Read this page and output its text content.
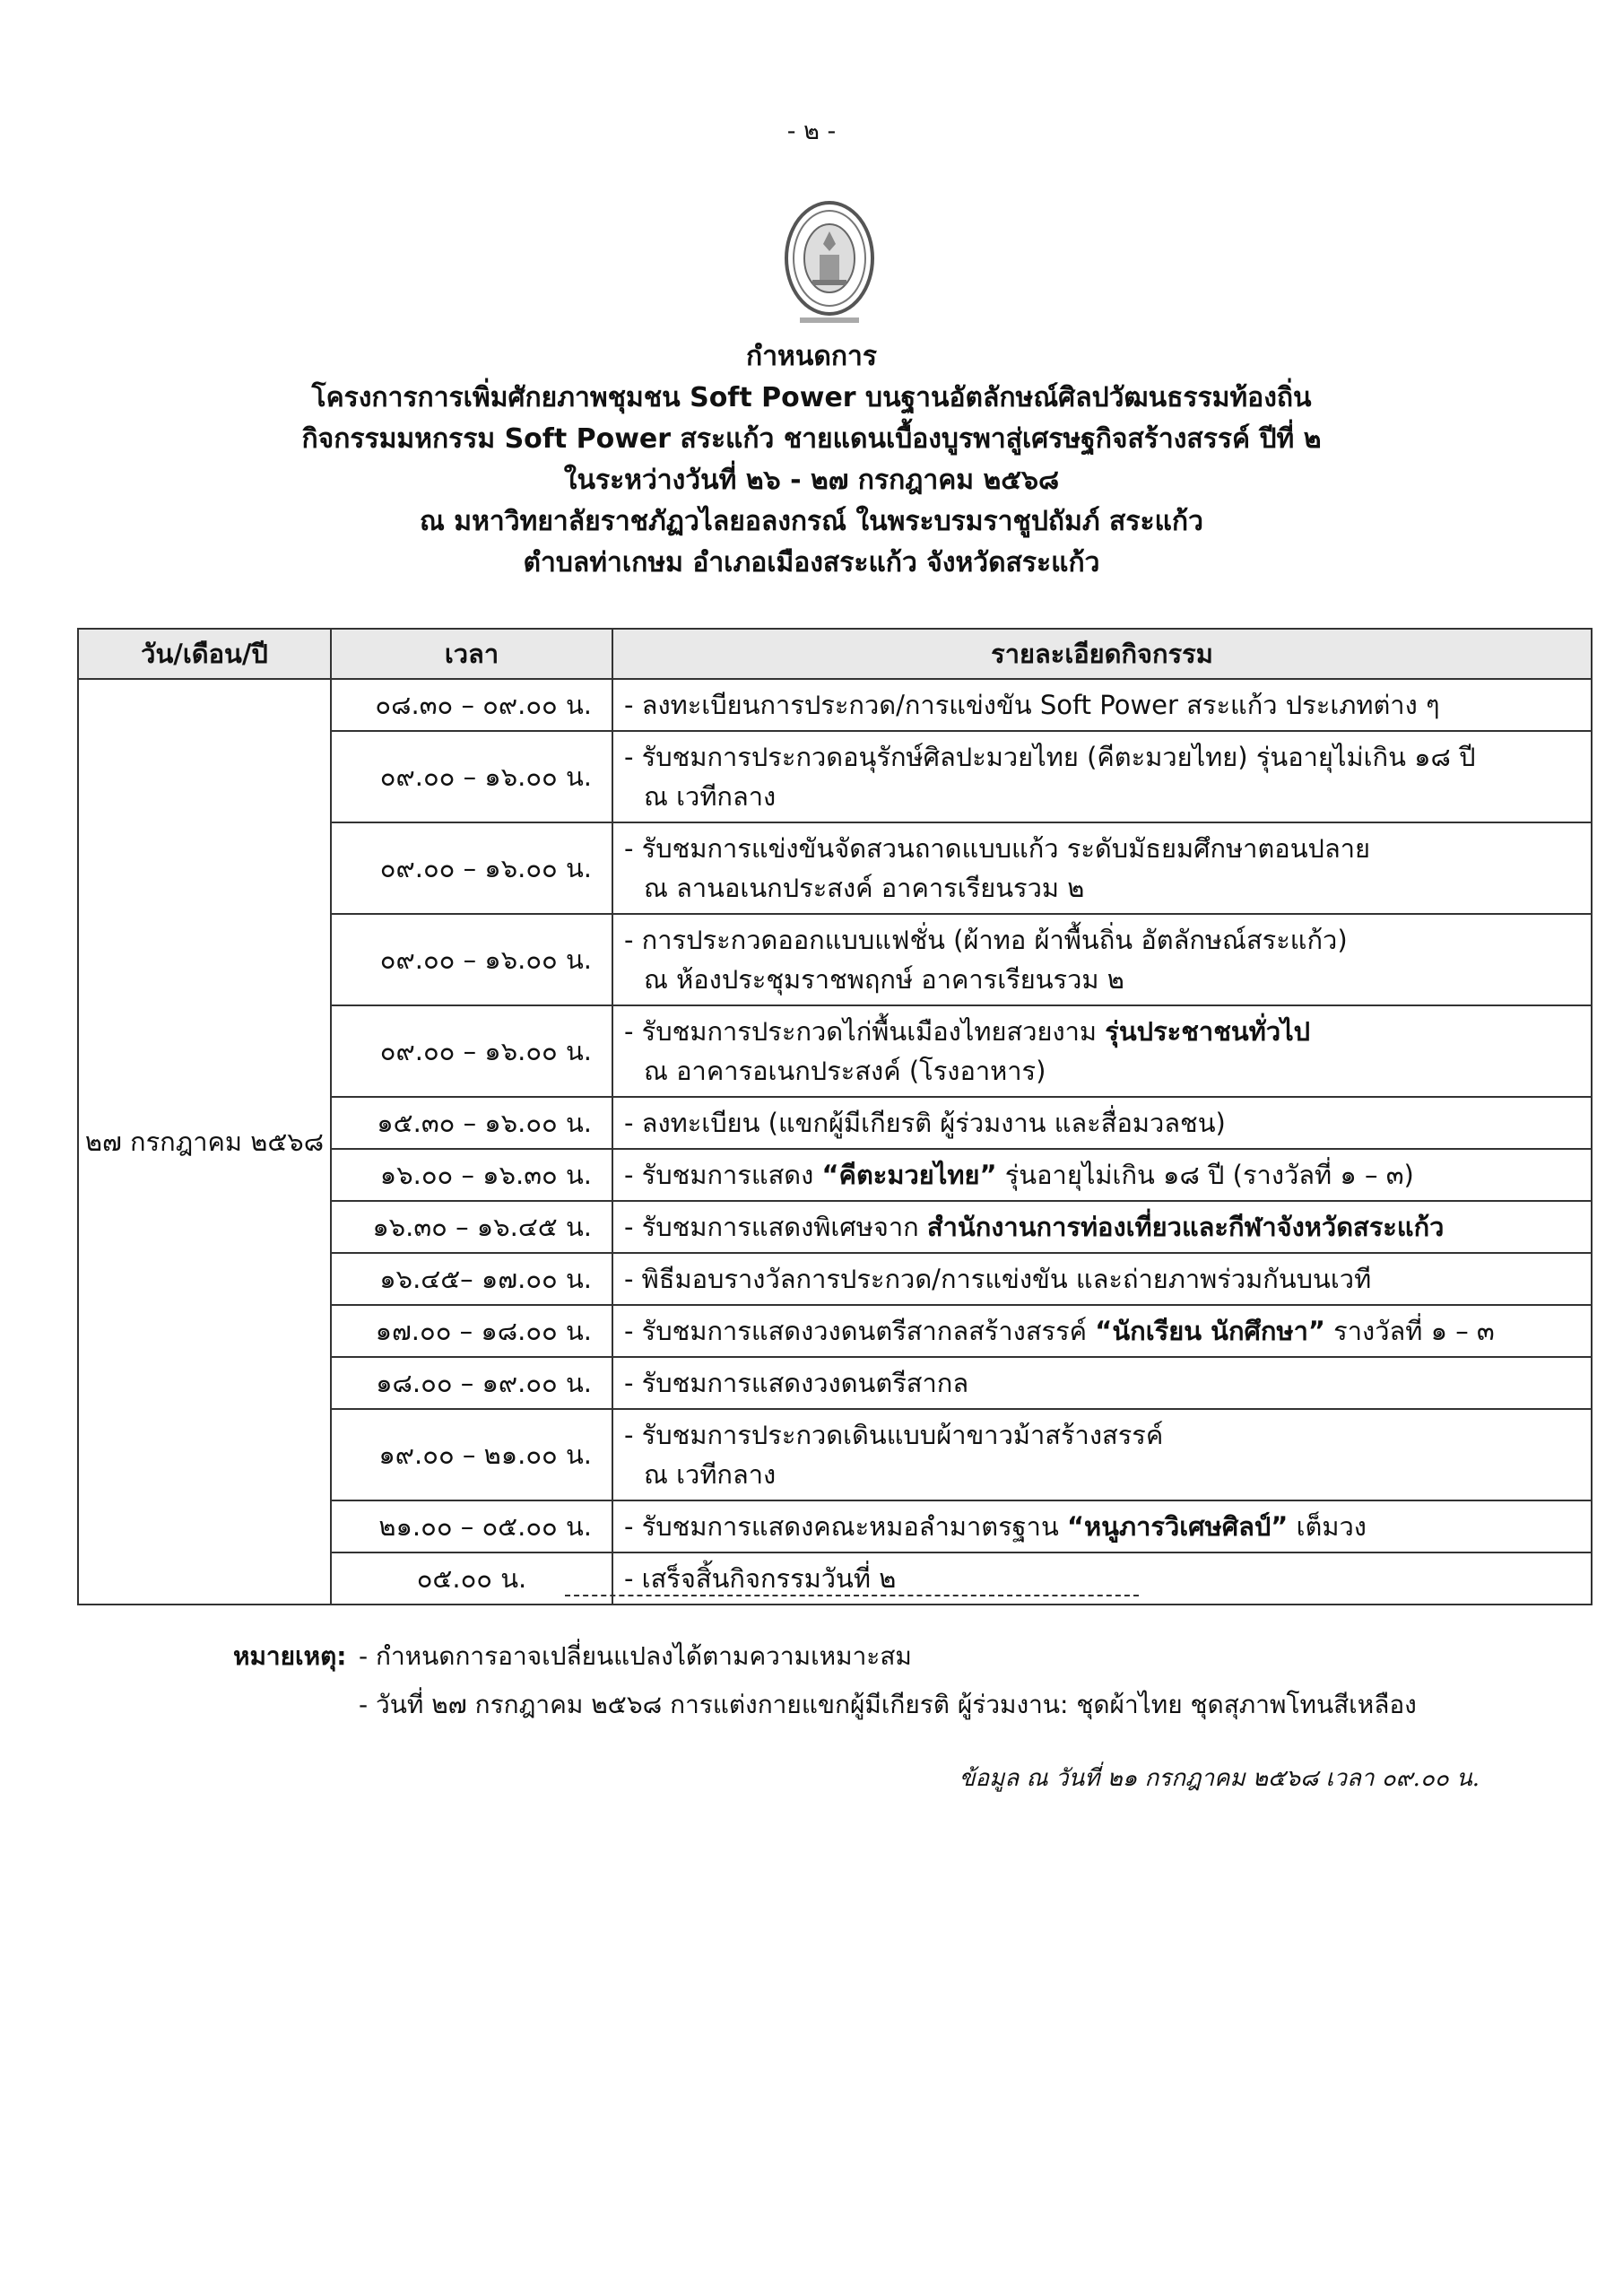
- ๒ -
กำหนดการ
โครงการการเพิ่มศักยภาพชุมชน Soft Power บนฐานอัตลักษณ์ศิลปวัฒนธรรมท้องถิ่น
กิจกรรมมหกรรม Soft Power สระแก้ว ชายแดนเบื้องบูรพาสู่เศรษฐกิจสร้างสรรค์ ปีที่ ๒
ในระหว่างวันที่ ๒๖ - ๒๗ กรกฎาคม ๒๕๖๘
ณ มหาวิทยาลัยราชภัฏวไลยอลงกรณ์ ในพระบรมราชูปถัมภ์ สระแก้ว
ตำบลท่าเกษม อำเภอเมืองสระแก้ว จังหวัดสระแก้ว
วัน/เดือน/ปี	เวลา	รายละเอียดกิจกรรม
๒๗ กรกฎาคม ๒๕๖๘	๐๘.๓๐ – ๐๙.๐๐ น.	- ลงทะเบียนการประกวด/การแข่งขัน Soft Power สระแก้ว ประเภทต่าง ๆ

	๐๙.๐๐ – ๑๖.๐๐ น.	- รับชมการประกวดอนุรักษ์ศิลปะมวยไทย (คีตะมวยไทย) รุ่นอายุไม่เกิน ๑๘ ปี
ณ เวทีกลาง

	๐๙.๐๐ – ๑๖.๐๐ น.	- รับชมการแข่งขันจัดสวนถาดแบบแก้ว ระดับมัธยมศึกษาตอนปลาย
ณ ลานอเนกประสงค์ อาคารเรียนรวม ๒

	๐๙.๐๐ – ๑๖.๐๐ น.	- การประกวดออกแบบแฟชั่น (ผ้าทอ ผ้าพื้นถิ่น อัตลักษณ์สระแก้ว)
ณ ห้องประชุมราชพฤกษ์ อาคารเรียนรวม ๒

	๐๙.๐๐ – ๑๖.๐๐ น.	- รับชมการประกวดไก่พื้นเมืองไทยสวยงาม รุ่นประชาชนทั่วไป
ณ อาคารอเนกประสงค์ (โรงอาหาร)

	๑๕.๓๐ – ๑๖.๐๐ น.	- ลงทะเบียน (แขกผู้มีเกียรติ ผู้ร่วมงาน และสื่อมวลชน)

	๑๖.๐๐ – ๑๖.๓๐ น.	- รับชมการแสดง “คีตะมวยไทย” รุ่นอายุไม่เกิน ๑๘ ปี (รางวัลที่ ๑ – ๓)

	๑๖.๓๐ – ๑๖.๔๕ น.	- รับชมการแสดงพิเศษจาก สำนักงานการท่องเที่ยวและกีฬาจังหวัดสระแก้ว

	๑๖.๔๕– ๑๗.๐๐ น.	- พิธีมอบรางวัลการประกวด/การแข่งขัน และถ่ายภาพร่วมกันบนเวที

	๑๗.๐๐ – ๑๘.๐๐ น.	- รับชมการแสดงวงดนตรีสากลสร้างสรรค์ “นักเรียน นักศึกษา” รางวัลที่ ๑ – ๓

	๑๘.๐๐ – ๑๙.๐๐ น.	- รับชมการแสดงวงดนตรีสากล

	๑๙.๐๐ – ๒๑.๐๐ น.	- รับชมการประกวดเดินแบบผ้าขาวม้าสร้างสรรค์
ณ เวทีกลาง

	๒๑.๐๐ – ๐๕.๐๐ น.	- รับชมการแสดงคณะหมอลำมาตรฐาน “หนูภารวิเศษศิลป์” เต็มวง

	๐๕.๐๐ น.	- เสร็จสิ้นกิจกรรมวันที่ ๒
หมายเหตุ: - กำหนดการอาจเปลี่ยนแปลงได้ตามความเหมาะสม
- วันที่ ๒๗ กรกฎาคม ๒๕๖๘ การแต่งกายแขกผู้มีเกียรติ ผู้ร่วมงาน: ชุดผ้าไทย ชุดสุภาพโทนสีเหลือง
ข้อมูล ณ วันที่ ๒๑ กรกฎาคม ๒๕๖๘ เวลา ๐๙.๐๐ น.
